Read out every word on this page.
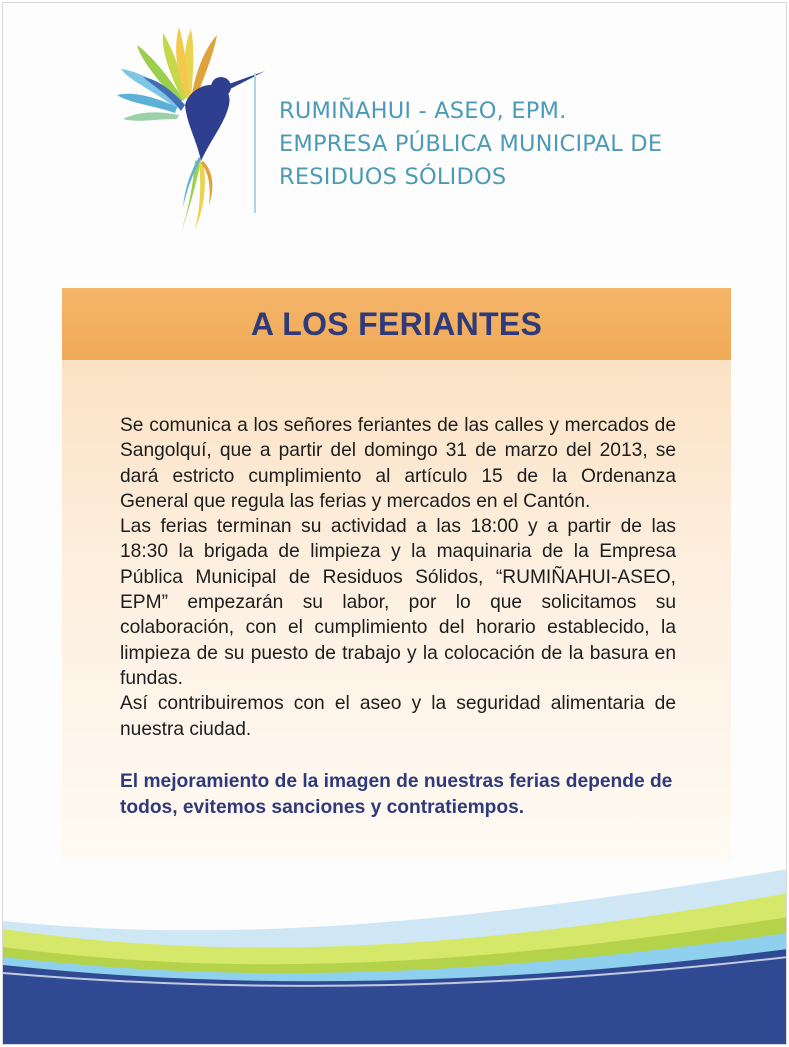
RUMIÑAHUI - ASEO, EPM.
EMPRESA PÚBLICA MUNICIPAL DE
RESIDUOS SÓLIDOS
A LOS FERIANTES

Se comunica a los señores feriantes de las calles y mercados de Sangolquí, que a partir del domingo 31 de marzo del 2013, se dará estricto cumplimiento al artículo 15 de la Ordenanza General que regula las ferias y mercados en el Cantón.

Las ferias terminan su actividad a las 18:00 y a partir de las 18:30 la brigada de limpieza y la maquinaria de la Empresa Pública Municipal de Residuos Sólidos, “RUMIÑAHUI-ASEO, EPM” empezarán su labor, por lo que solicitamos su colaboración, con el cumplimiento del horario establecido, la limpieza de su puesto de trabajo y la colocación de la basura en fundas.

Así contribuiremos con el aseo y la seguridad alimentaria de nuestra ciudad.

El mejoramiento de la imagen de nuestras ferias depende de todos, evitemos sanciones y contratiempos.
